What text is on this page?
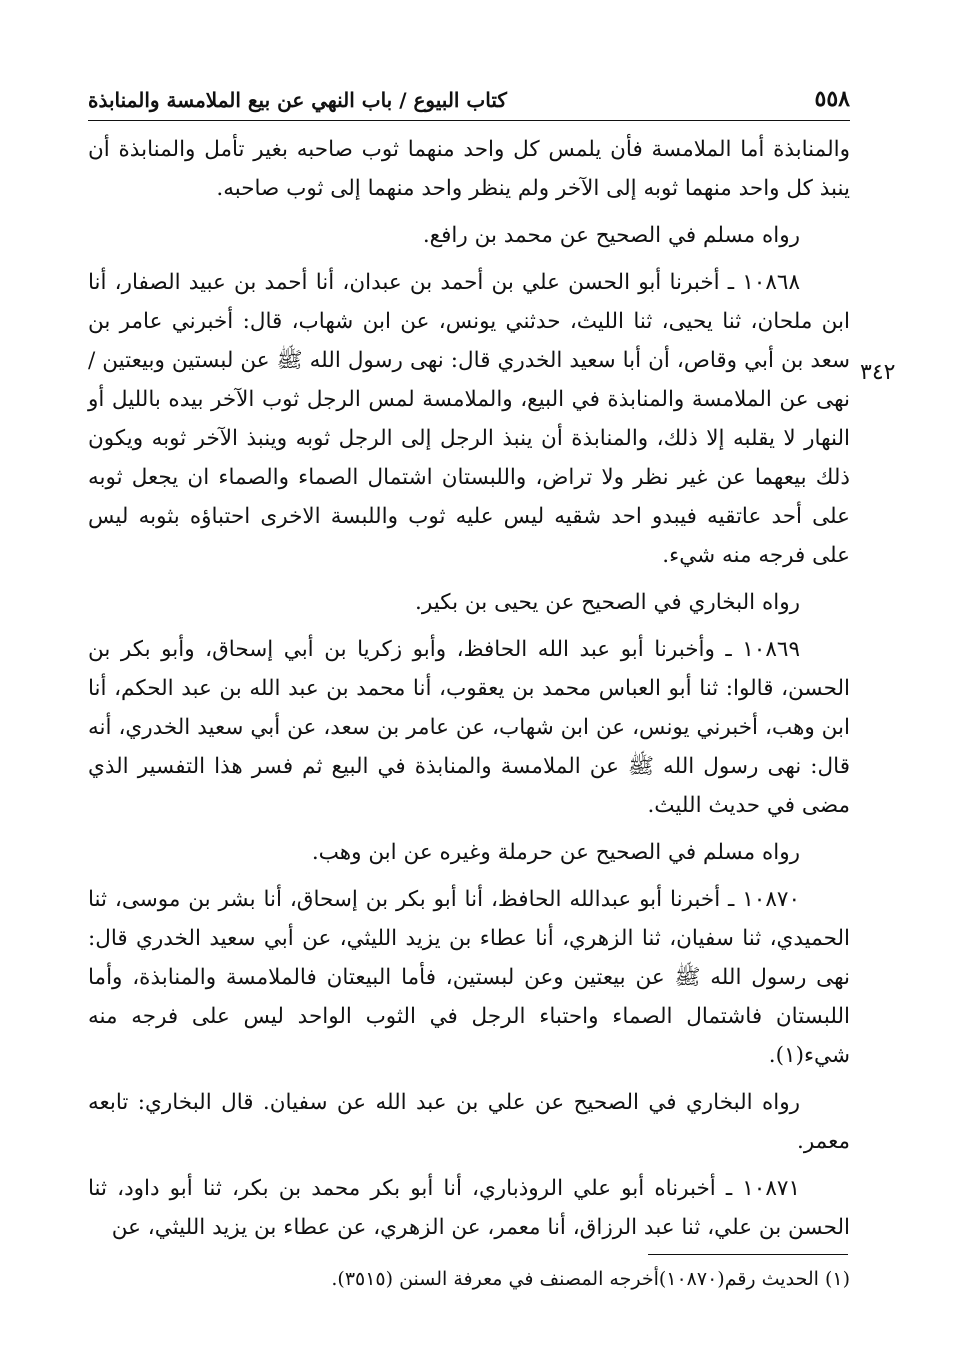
٥٥٨
كتاب البيوع / باب النهي عن بيع الملامسة والمنابذة
٣٤٢

والمنابذة أما الملامسة فأن يلمس كل واحد منهما ثوب صاحبه بغير تأمل والمنابذة أن ينبذ كل واحد منهما ثوبه إلى الآخر ولم ينظر واحد منهما إلى ثوب صاحبه.

رواه مسلم في الصحيح عن محمد بن رافع.

١٠٨٦٨ ـ أخبرنا أبو الحسن علي بن أحمد بن عبدان، أنا أحمد بن عبيد الصفار، أنا ابن ملحان، ثنا يحيى، ثنا الليث، حدثني يونس، عن ابن شهاب، قال: أخبرني عامر بن سعد بن أبي وقاص، أن أبا سعيد الخدري قال: نهى رسول الله ﷺ عن لبستين وبيعتين / نهى عن الملامسة والمنابذة في البيع، والملامسة لمس الرجل ثوب الآخر بيده بالليل أو النهار لا يقلبه إلا ذلك، والمنابذة أن ينبذ الرجل إلى الرجل ثوبه وينبذ الآخر ثوبه ويكون ذلك بيعهما عن غير نظر ولا تراض، واللبستان اشتمال الصماء والصماء ان يجعل ثوبه على أحد عاتقيه فيبدو احد شقيه ليس عليه ثوب واللبسة الاخرى احتباؤه بثوبه ليس على فرجه منه شيء.

رواه البخاري في الصحيح عن يحيى بن بكير.

١٠٨٦٩ ـ وأخبرنا أبو عبد الله الحافظ، وأبو زكريا بن أبي إسحاق، وأبو بكر بن الحسن، قالوا: ثنا أبو العباس محمد بن يعقوب، أنا محمد بن عبد الله بن عبد الحكم، أنا ابن وهب، أخبرني يونس، عن ابن شهاب، عن عامر بن سعد، عن أبي سعيد الخدري، أنه قال: نهى رسول الله ﷺ عن الملامسة والمنابذة في البيع ثم فسر هذا التفسير الذي مضى في حديث الليث.

رواه مسلم في الصحيح عن حرملة وغيره عن ابن وهب.

١٠٨٧٠ ـ أخبرنا أبو عبدالله الحافظ، أنا أبو بكر بن إسحاق، أنا بشر بن موسى، ثنا الحميدي، ثنا سفيان، ثنا الزهري، أنا عطاء بن يزيد الليثي، عن أبي سعيد الخدري قال: نهى رسول الله ﷺ عن بيعتين وعن لبستين، فأما البيعتان فالملامسة والمنابذة، وأما اللبستان فاشتمال الصماء واحتباء الرجل في الثوب الواحد ليس على فرجه منه شيء(١).

رواه البخاري في الصحيح عن علي بن عبد الله عن سفيان. قال البخاري: تابعه معمر.

١٠٨٧١ ـ أخبرناه أبو علي الروذباري، أنا أبو بكر محمد بن بكر، ثنا أبو داود، ثنا الحسن بن علي، ثنا عبد الرزاق، أنا معمر، عن الزهري، عن عطاء بن يزيد الليثي، عن

(١) الحديث رقم(١٠٨٧٠)أخرجه المصنف في معرفة السنن (٣٥١٥).
